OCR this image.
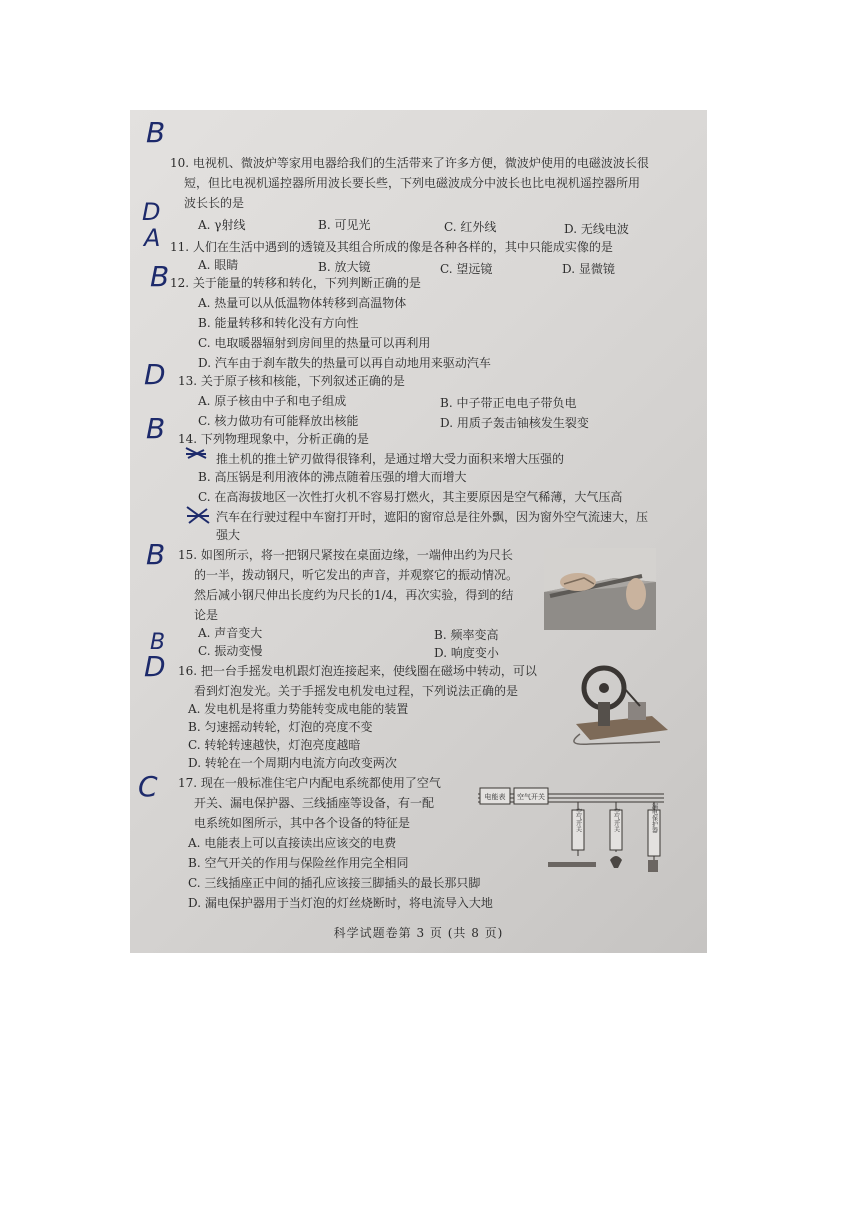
B
D
10. 电视机、微波炉等家用电器给我们的生活带来了许多方便，微波炉使用的电磁波波长很
短，但比电视机遥控器所用波长要长些，下列电磁波成分中波长也比电视机遥控器所用
波长长的是
A. γ射线	B. 可见光	C. 红外线	D. 无线电波
A 11. 人们在生活中遇到的透镜及其组合所成的像是各种各样的，其中只能成实像的是
A. 眼睛	B. 放大镜	C. 望远镜	D. 显微镜
B 12. 关于能量的转移和转化，下列判断正确的是
A. 热量可以从低温物体转移到高温物体
B. 能量转移和转化没有方向性
C. 电取暖器辐射到房间里的热量可以再利用
D. 汽车由于刹车散失的热量可以再自动地用来驱动汽车
D 13. 关于原子核和核能，下列叙述正确的是
A. 原子核由中子和电子组成	B. 中子带正电电子带负电
C. 核力做功有可能释放出核能	D. 用质子轰击铀核发生裂变
B 14. 下列物理现象中，分析正确的是
推土机的推土铲刃做得很锋利，是通过增大受力面积来增大压强的
B. 高压锅是利用液体的沸点随着压强的增大而增大
C. 在高海拔地区一次性打火机不容易打燃火，其主要原因是空气稀薄，大气压高
汽车在行驶过程中车窗打开时，遮阳的窗帘总是往外飘，因为窗外空气流速大，压
强大
B 15. 如图所示，将一把钢尺紧按在桌面边缘，一端伸出约为尺长
的一半，拨动钢尺，听它发出的声音，并观察它的振动情况。
然后减小钢尺伸出长度约为尺长的1/4，再次实验，得到的结
论是
A. 声音变大	B. 频率变高
C. 振动变慢	D. 响度变小
B
D 16. 把一台手摇发电机跟灯泡连接起来，使线圈在磁场中转动，可以
看到灯泡发光。关于手摇发电机发电过程，下列说法正确的是
A. 发电机是将重力势能转变成电能的装置
B. 匀速摇动转轮，灯泡的亮度不变
C. 转轮转速越快，灯泡亮度越暗
D. 转轮在一个周期内电流方向改变两次
C 17. 现在一般标准住宅户内配电系统都使用了空气
开关、漏电保护器、三线插座等设备，有一配
电系统如图所示，其中各个设备的特征是
A. 电能表上可以直接读出应该交的电费
B. 空气开关的作用与保险丝作用完全相同
C. 三线插座正中间的插孔应该接三脚插头的最长那只脚
D. 漏电保护器用于当灯泡的灯丝烧断时，将电流导入大地
电能表 空气开关
空气开关	空气开关	漏电保护器
科学试题卷第 3 页 (共 8 页)
